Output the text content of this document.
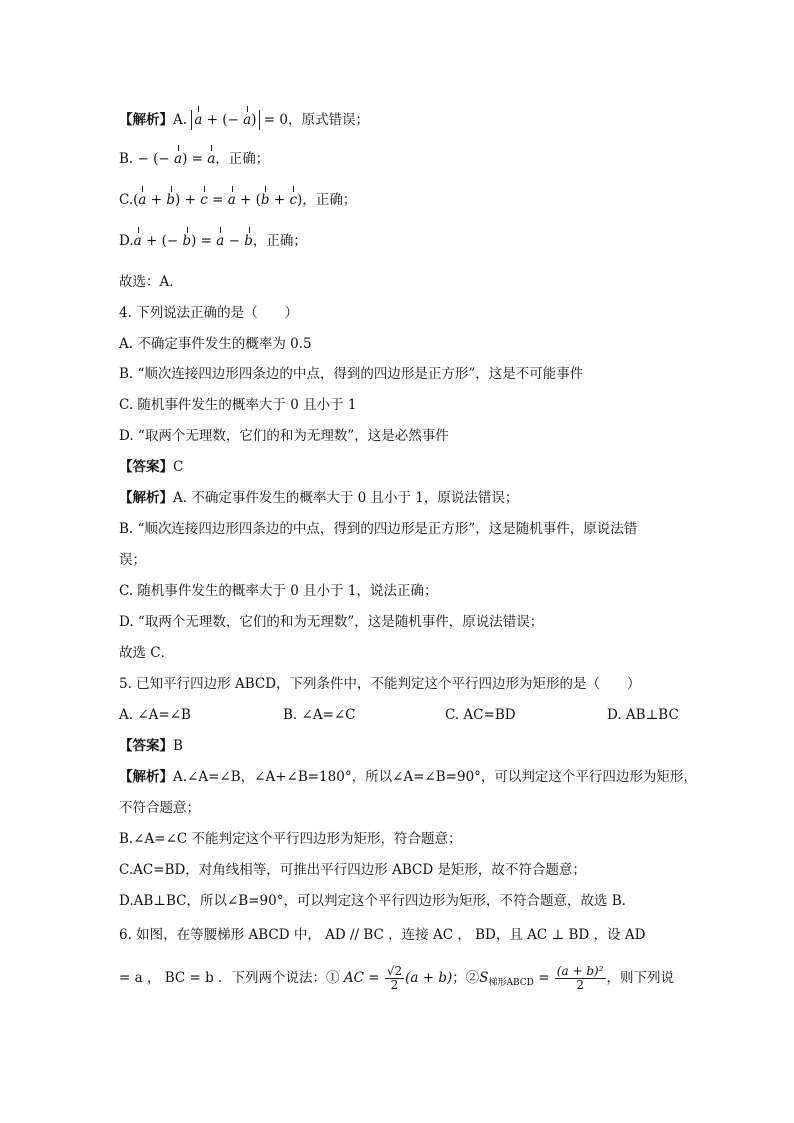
【解析】A. a + (− a) = 0，原式错误；
B. − (− a) = a，正确；
C.(a + b) + c = a + (b + c)，正确；
D.a + (− b) = a − b，正确；
故选：A．
4. 下列说法正确的是（　　）
A. 不确定事件发生的概率为 0.5
B. “顺次连接四边形四条边的中点，得到的四边形是正方形”，这是不可能事件
C. 随机事件发生的概率大于 0 且小于 1
D. “取两个无理数，它们的和为无理数”，这是必然事件
【答案】C
【解析】A. 不确定事件发生的概率大于 0 且小于 1，原说法错误；
B. “顺次连接四边形四条边的中点，得到的四边形是正方形”，这是随机事件，原说法错
误；
C. 随机事件发生的概率大于 0 且小于 1，说法正确；
D. “取两个无理数，它们的和为无理数”，这是随机事件，原说法错误；
故选 C．
5. 已知平行四边形 ABCD，下列条件中，不能判定这个平行四边形为矩形的是（　　）
A. ∠A=∠B	B. ∠A=∠C	C. AC=BD	D. AB⊥BC
【答案】B
【解析】A.∠A=∠B，∠A+∠B=180°，所以∠A=∠B=90°，可以判定这个平行四边形为矩形，
不符合题意；
B.∠A=∠C 不能判定这个平行四边形为矩形，符合题意；
C.AC=BD，对角线相等，可推出平行四边形 ABCD 是矩形，故不符合题意；
D.AB⊥BC，所以∠B=90°，可以判定这个平行四边形为矩形，不符合题意，故选 B．
6. 如图，在等腰梯形 ABCD 中， AD // BC ，连接 AC ， BD，且 AC ⊥ BD ，设 AD
= a ， BC = b ．下列两个说法：① AC = $\frac{√2}{2} (a + b)$；$②S_{梯形ABCD} = \frac{\text{(a + b)²}}{2}$ ，则下列说
